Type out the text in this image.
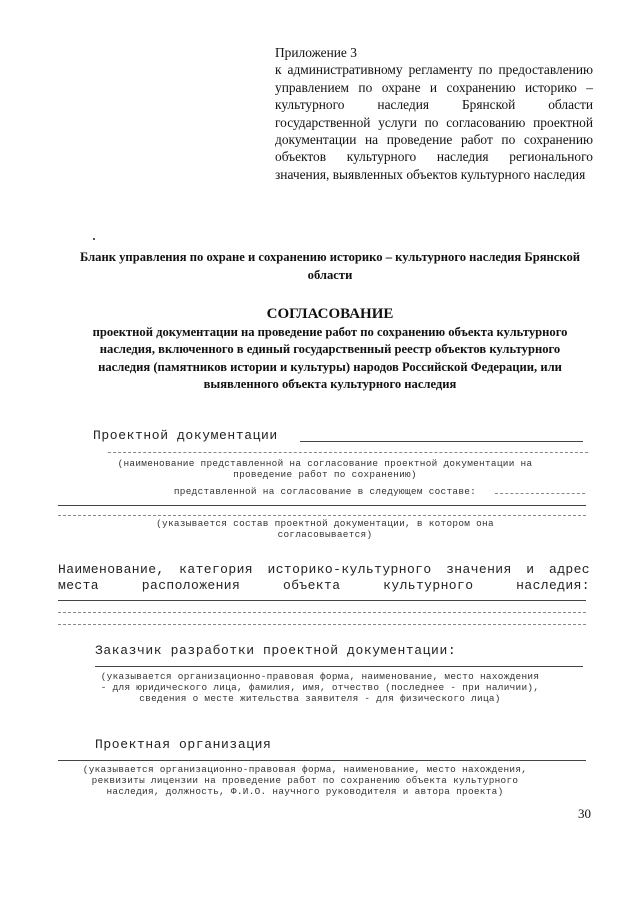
Приложение 3
к административному регламенту по предоставлению управлением по охране и сохранению историко – культурного наследия Брянской области государственной услуги по согласованию проектной документации на проведение работ по сохранению объектов культурного наследия регионального значения, выявленных объектов культурного наследия
Бланк управления по охране и сохранению историко – культурного наследия Брянской области
СОГЛАСОВАНИЕ
проектной документации на проведение работ по сохранению объекта культурного наследия, включенного в единый государственный реестр объектов культурного наследия (памятников истории и культуры) народов Российской Федерации, или выявленного объекта культурного наследия
Проектной документации
(наименование представленной на согласование проектной документации на проведение работ по сохранению)
представленной на согласование в следующем составе:
(указывается состав проектной документации, в котором она согласовывается)
Наименование, категория историко-культурного значения и адрес места расположения объекта культурного наследия:
Заказчик разработки проектной документации:
(указывается организационно-правовая форма, наименование, место нахождения - для юридического лица, фамилия, имя, отчество (последнее - при наличии), сведения о месте жительства заявителя - для физического лица)
Проектная организация
(указывается организационно-правовая форма, наименование, место нахождения, реквизиты лицензии на проведение работ по сохранению объекта культурного наследия, должность, Ф.И.О. научного руководителя и автора проекта)
30
